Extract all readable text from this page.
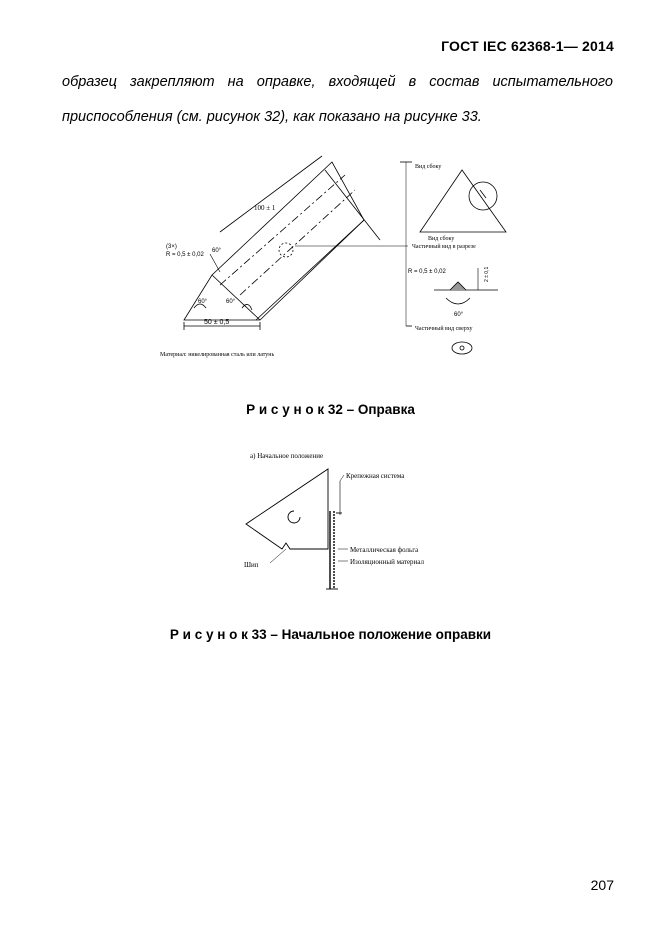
ГОСТ IEC 62368-1— 2014
образец закрепляют на оправке, входящей в состав испытательного
приспособления (см. рисунок 32), как показано на рисунке 33.
100 ± 1
(3×)
R = 0,5 ± 0,02
60°
60°	60°
50 ± 0,5
Материал: никелированная сталь или латунь
Вид сбоку
Вид сбоку
Частичный вид в разрезе
R = 0,5 ± 0,02	2 ± 0,1
60°
Частичный вид сверху
Р и с у н о к 32 – Оправка
а) Начальное положение
Крепежная система
Металлическая фольга
Изоляционный материал
Шип
Р и с у н о к 33 – Начальное положение оправки
207
